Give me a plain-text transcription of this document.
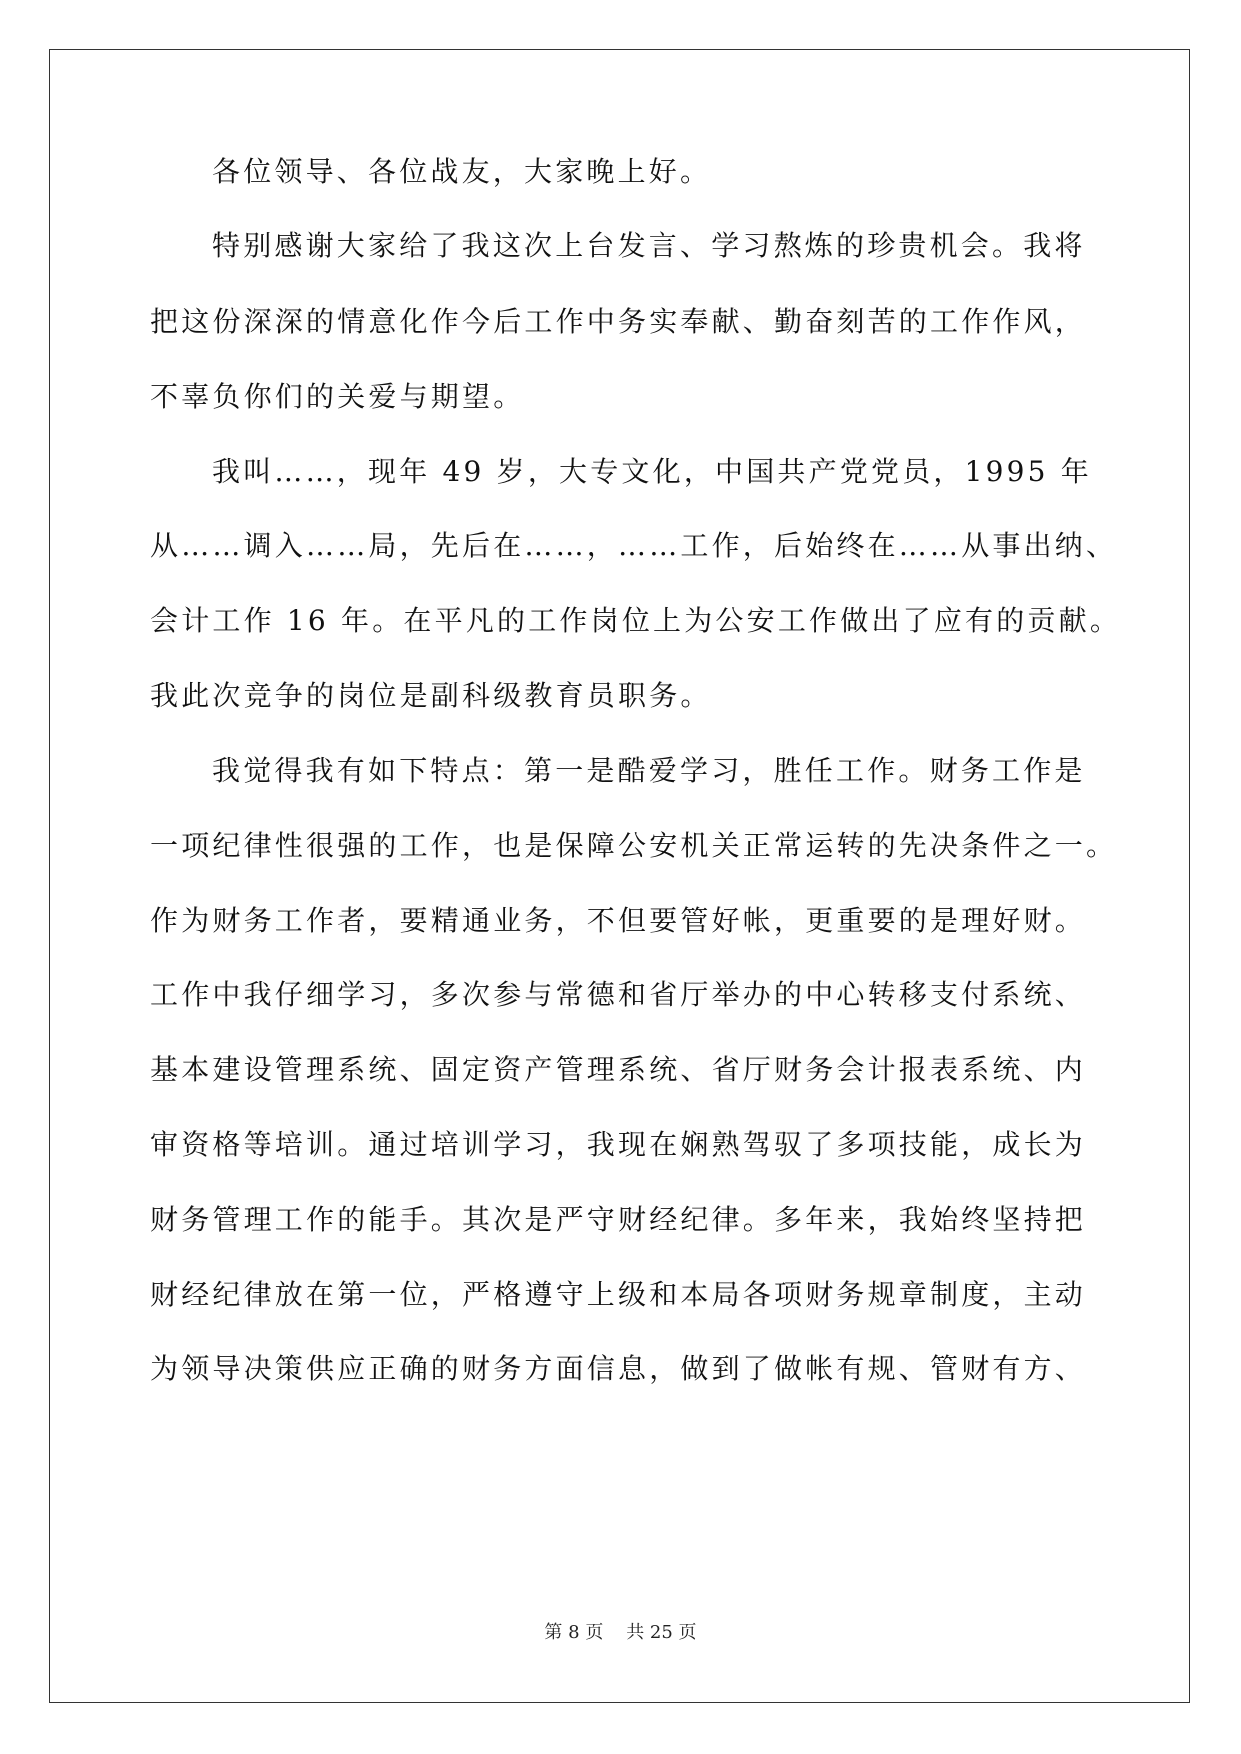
各位领导、各位战友，大家晚上好。
特别感谢大家给了我这次上台发言、学习熬炼的珍贵机会。我将
把这份深深的情意化作今后工作中务实奉献、勤奋刻苦的工作作风，
不辜负你们的关爱与期望。
我叫……，现年 49 岁，大专文化，中国共产党党员，1995 年
从……调入……局，先后在……，……工作，后始终在……从事出纳、
会计工作 16 年。在平凡的工作岗位上为公安工作做出了应有的贡献。
我此次竞争的岗位是副科级教育员职务。
我觉得我有如下特点：第一是酷爱学习，胜任工作。财务工作是
一项纪律性很强的工作，也是保障公安机关正常运转的先决条件之一。
作为财务工作者，要精通业务，不但要管好帐，更重要的是理好财。
工作中我仔细学习，多次参与常德和省厅举办的中心转移支付系统、
基本建设管理系统、固定资产管理系统、省厅财务会计报表系统、内
审资格等培训。通过培训学习，我现在娴熟驾驭了多项技能，成长为
财务管理工作的能手。其次是严守财经纪律。多年来，我始终坚持把
财经纪律放在第一位，严格遵守上级和本局各项财务规章制度，主动
为领导决策供应正确的财务方面信息，做到了做帐有规、管财有方、
第 8 页    共 25 页
